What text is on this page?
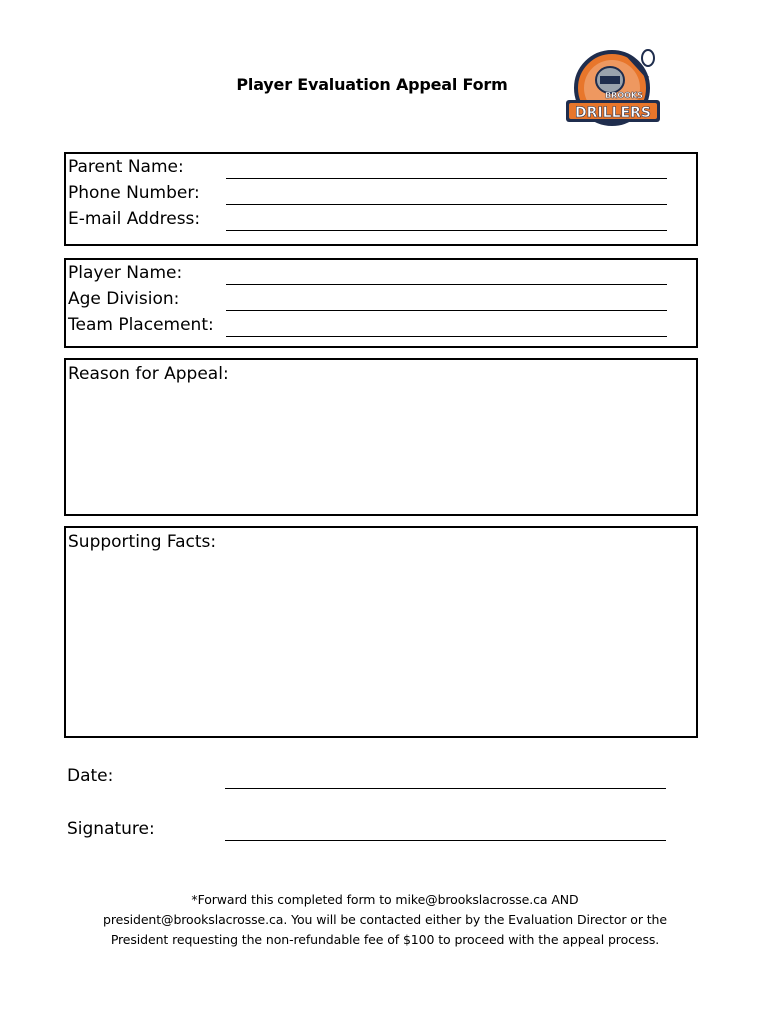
Player Evaluation Appeal Form
DRILLERS
BROOKS
Parent Name:
Phone Number:
E-mail Address:
Player Name:
Age Division:
Team Placement:
Reason for Appeal:
Supporting Facts:
Date:
Signature:
*Forward this completed form to mike@brookslacrosse.ca AND
president@brookslacrosse.ca. You will be contacted either by the Evaluation Director or the
President requesting the non-refundable fee of $100 to proceed with the appeal process.
